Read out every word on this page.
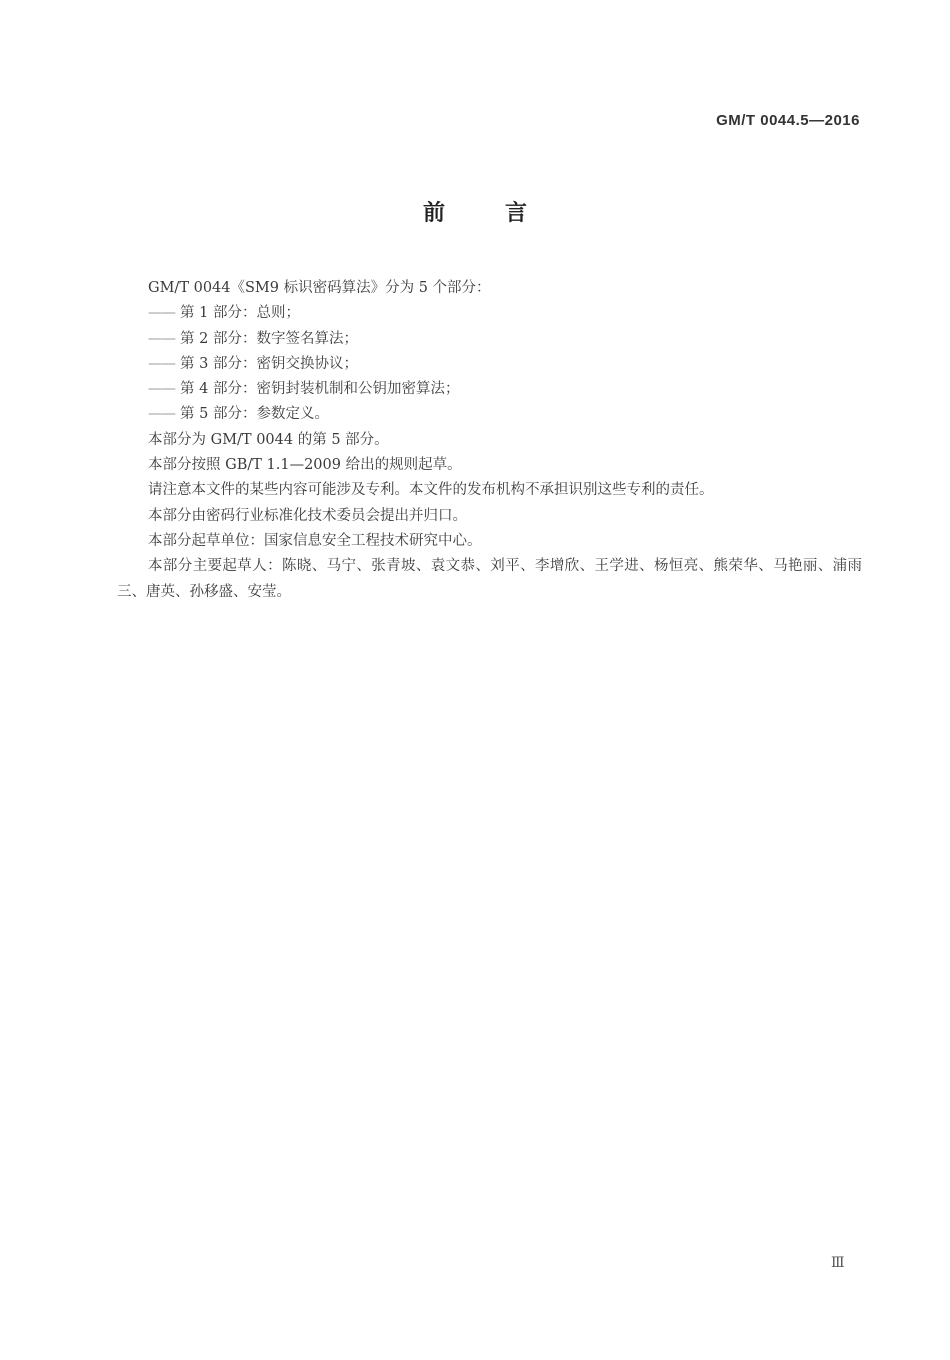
GM/T 0044.5—2016
前言

GM/T 0044《SM9 标识密码算法》分为 5 个部分：

—— 第 1 部分：总则；

—— 第 2 部分：数字签名算法；

—— 第 3 部分：密钥交换协议；

—— 第 4 部分：密钥封装机制和公钥加密算法；

—— 第 5 部分：参数定义。

本部分为 GM/T 0044 的第 5 部分。

本部分按照 GB/T 1.1—2009 给出的规则起草。

请注意本文件的某些内容可能涉及专利。本文件的发布机构不承担识别这些专利的责任。

本部分由密码行业标准化技术委员会提出并归口。

本部分起草单位：国家信息安全工程技术研究中心。

本部分主要起草人：陈晓、马宁、张青坡、袁文恭、刘平、李增欣、王学进、杨恒亮、熊荣华、马艳丽、浦雨三、唐英、孙移盛、安莹。

Ⅲ
